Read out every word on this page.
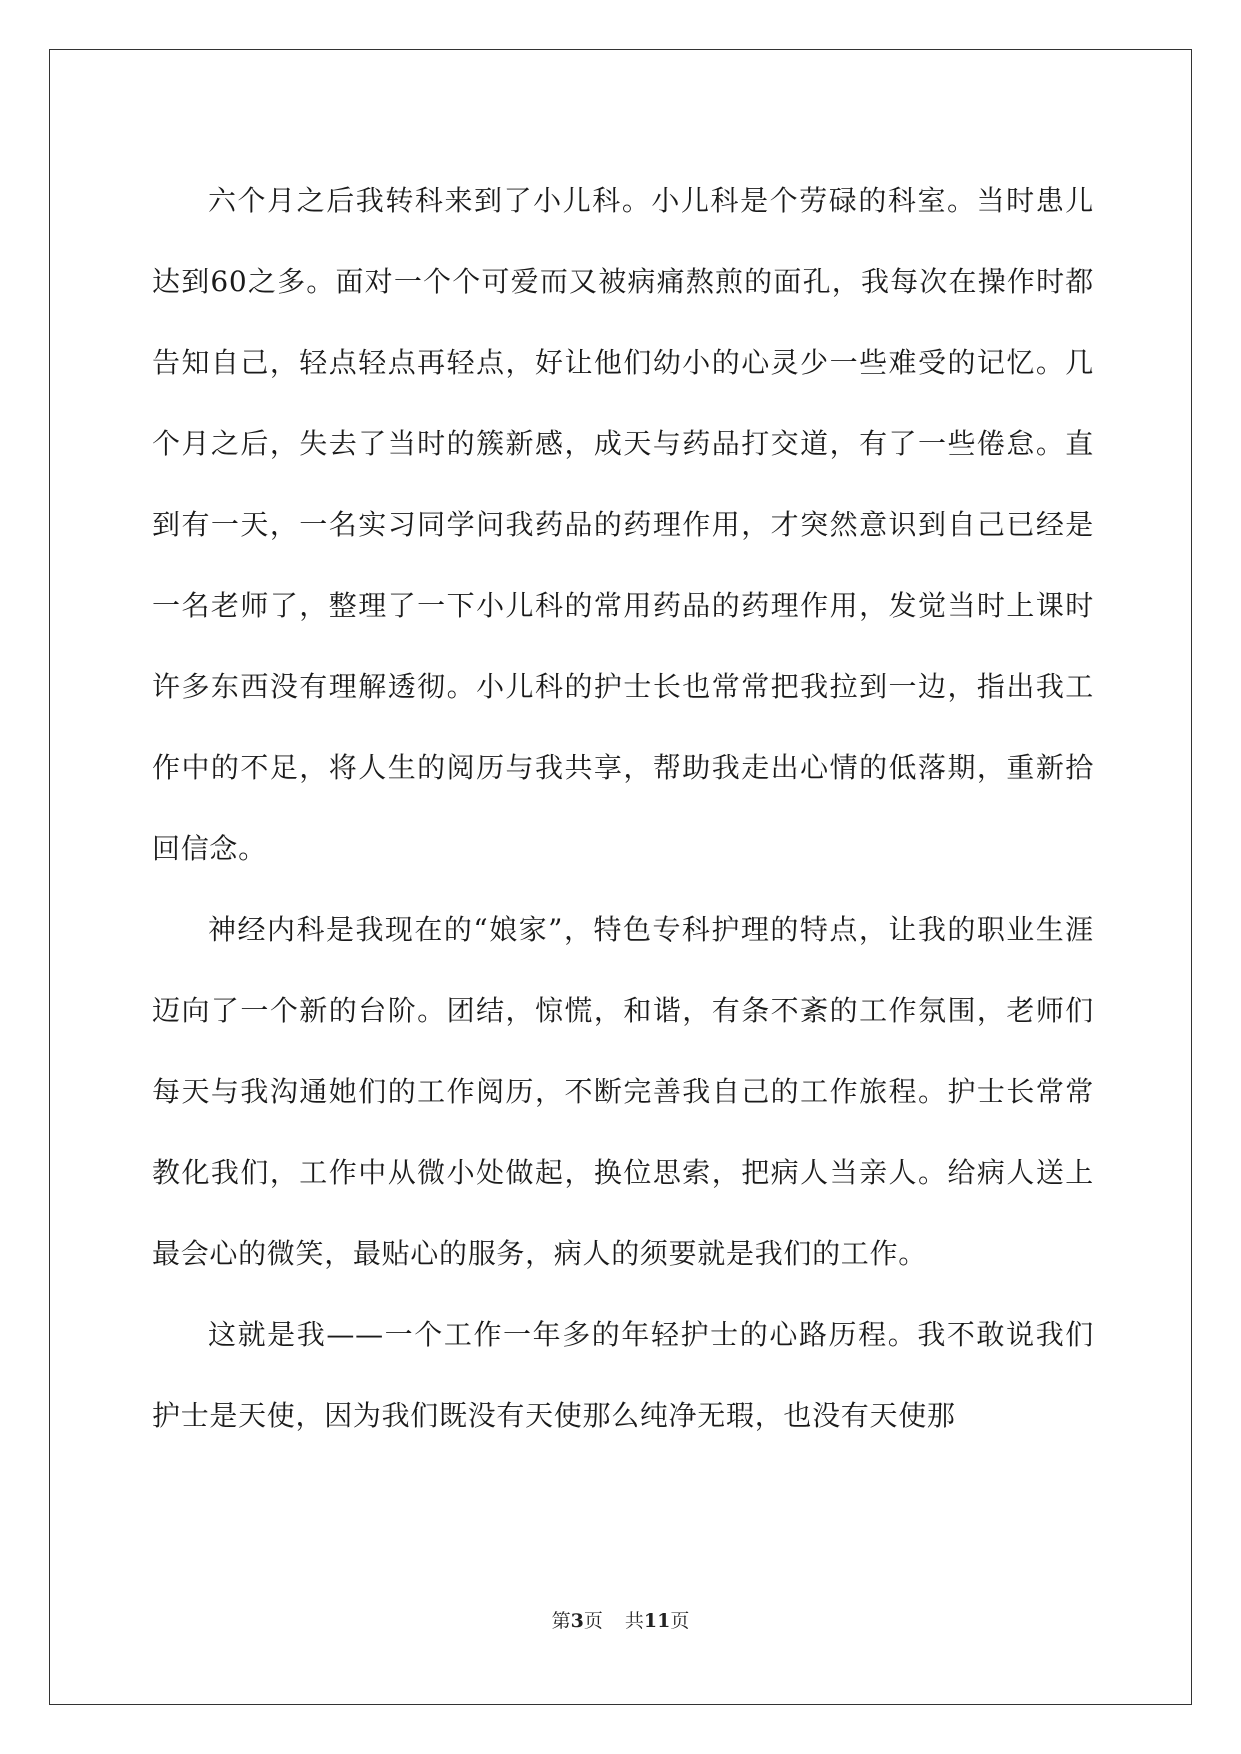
六个月之后我转科来到了小儿科。小儿科是个劳碌的科室。当时患儿达到60之多。面对一个个可爱而又被病痛熬煎的面孔，我每次在操作时都告知自己，轻点轻点再轻点，好让他们幼小的心灵少一些难受的记忆。几个月之后，失去了当时的簇新感，成天与药品打交道，有了一些倦怠。直到有一天，一名实习同学问我药品的药理作用，才突然意识到自己已经是一名老师了，整理了一下小儿科的常用药品的药理作用，发觉当时上课时许多东西没有理解透彻。小儿科的护士长也常常把我拉到一边，指出我工作中的不足，将人生的阅历与我共享，帮助我走出心情的低落期，重新拾回信念。

神经内科是我现在的“娘家”，特色专科护理的特点，让我的职业生涯迈向了一个新的台阶。团结，惊慌，和谐，有条不紊的工作氛围，老师们每天与我沟通她们的工作阅历，不断完善我自己的工作旅程。护士长常常教化我们，工作中从微小处做起，换位思索，把病人当亲人。给病人送上最会心的微笑，最贴心的服务，病人的须要就是我们的工作。

这就是我——一个工作一年多的年轻护士的心路历程。我不敢说我们护士是天使，因为我们既没有天使那么纯净无瑕，也没有天使那

第3页 共11页
